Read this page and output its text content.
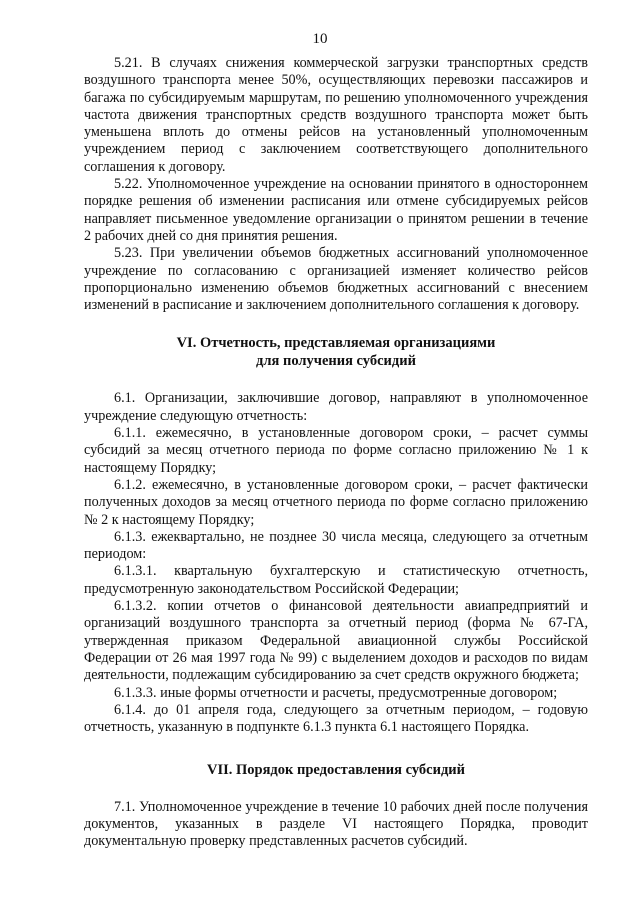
10

5.21. В случаях снижения коммерческой загрузки транспортных средств воздушного транспорта менее 50%, осуществляющих перевозки пассажиров и багажа по субсидируемым маршрутам, по решению уполномоченного учреждения частота движения транспортных средств воздушного транспорта может быть уменьшена вплоть до отмены рейсов на установленный уполномоченным учреждением период с заключением соответствующего дополнительного соглашения к договору.

5.22. Уполномоченное учреждение на основании принятого в одностороннем порядке решения об изменении расписания или отмене субсидируемых рейсов направляет письменное уведомление организации о принятом решении в течение 2 рабочих дней со дня принятия решения.

5.23. При увеличении объемов бюджетных ассигнований уполномоченное учреждение по согласованию с организацией изменяет количество рейсов пропорционально изменению объемов бюджетных ассигнований с внесением изменений в расписание и заключением дополнительного соглашения к договору.

VI. Отчетность, представляемая организациями

для получения субсидий

6.1. Организации, заключившие договор, направляют в уполномоченное учреждение следующую отчетность:

6.1.1. ежемесячно, в установленные договором сроки, – расчет суммы субсидий за месяц отчетного периода по форме согласно приложению № 1 к настоящему Порядку;

6.1.2. ежемесячно, в установленные договором сроки, – расчет фактически полученных доходов за месяц отчетного периода по форме согласно приложению № 2 к настоящему Порядку;

6.1.3. ежеквартально, не позднее 30 числа месяца, следующего за отчетным периодом:

6.1.3.1. квартальную бухгалтерскую и статистическую отчетность, предусмотренную законодательством Российской Федерации;

6.1.3.2. копии отчетов о финансовой деятельности авиапредприятий и организаций воздушного транспорта за отчетный период (форма № 67-ГА, утвержденная приказом Федеральной авиационной службы Российской Федерации от 26 мая 1997 года № 99) с выделением доходов и расходов по видам деятельности, подлежащим субсидированию за счет средств окружного бюджета;

6.1.3.3. иные формы отчетности и расчеты, предусмотренные договором;

6.1.4. до 01 апреля года, следующего за отчетным периодом, – годовую отчетность, указанную в подпункте 6.1.3 пункта 6.1 настоящего Порядка.

VII. Порядок предоставления субсидий

7.1. Уполномоченное учреждение в течение 10 рабочих дней после получения документов, указанных в разделе VI настоящего Порядка, проводит документальную проверку представленных расчетов субсидий.
